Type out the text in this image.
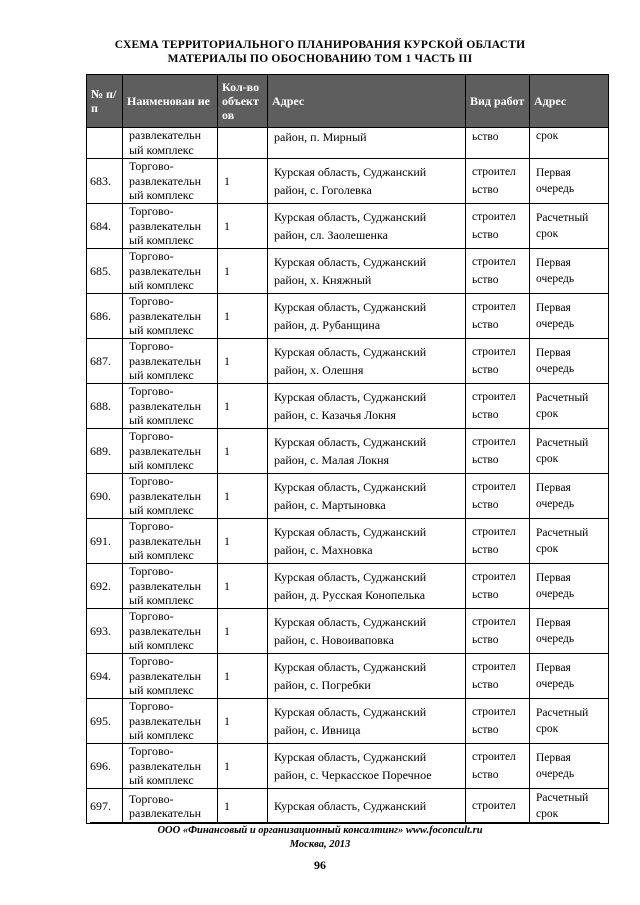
СХЕМА ТЕРРИТОРИАЛЬНОГО ПЛАНИРОВАНИЯ КУРСКОЙ ОБЛАСТИ
МАТЕРИАЛЫ ПО ОБОСНОВАНИЮ ТОМ 1 ЧАСТЬ III
№ п/п	Наименован ие	Кол-во объект ов	Адрес	Вид работ	Адрес
	развлекательн ый комплекс		район, п. Мирный	ьство	срок
683.	Торгово-развлекательн ый комплекс	1	Курская область, Суджанский район, с. Гоголевка	строител ьство	Первая очередь
684.	Торгово-развлекательн ый комплекс	1	Курская область, Суджанский район, сл. Заолешенка	строител ьство	Расчетный срок
685.	Торгово-развлекательн ый комплекс	1	Курская область, Суджанский район, х. Княжный	строител ьство	Первая очередь
686.	Торгово-развлекательн ый комплекс	1	Курская область, Суджанский район, д. Рубанщина	строител ьство	Первая очередь
687.	Торгово-развлекательн ый комплекс	1	Курская область, Суджанский район, х. Олешня	строител ьство	Первая очередь
688.	Торгово-развлекательн ый комплекс	1	Курская область, Суджанский район, с. Казачья Локня	строител ьство	Расчетный срок
689.	Торгово-развлекательн ый комплекс	1	Курская область, Суджанский район, с. Малая Локня	строител ьство	Расчетный срок
690.	Торгово-развлекательн ый комплекс	1	Курская область, Суджанский район, с. Мартыновка	строител ьство	Первая очередь
691.	Торгово-развлекательн ый комплекс	1	Курская область, Суджанский район, с. Махновка	строител ьство	Расчетный срок
692.	Торгово-развлекательн ый комплекс	1	Курская область, Суджанский район, д. Русская Конопелька	строител ьство	Первая очередь
693.	Торгово-развлекательн ый комплекс	1	Курская область, Суджанский район, с. Новоиваповка	строител ьство	Первая очередь
694.	Торгово-развлекательн ый комплекс	1	Курская область, Суджанский район, с. Погребки	строител ьство	Первая очередь
695.	Торгово-развлекательн ый комплекс	1	Курская область, Суджанский район, с. Ивница	строител ьство	Расчетный срок
696.	Торгово-развлекательн ый комплекс	1	Курская область, Суджанский район, с. Черкасское Поречное	строител ьство	Первая очередь
697.	Торгово-развлекательн	1	Курская область, Суджанский	строител	Расчетный срок
ООО «Финансовый и организационный консалтинг» www.foconcult.ru
Москва, 2013
96
